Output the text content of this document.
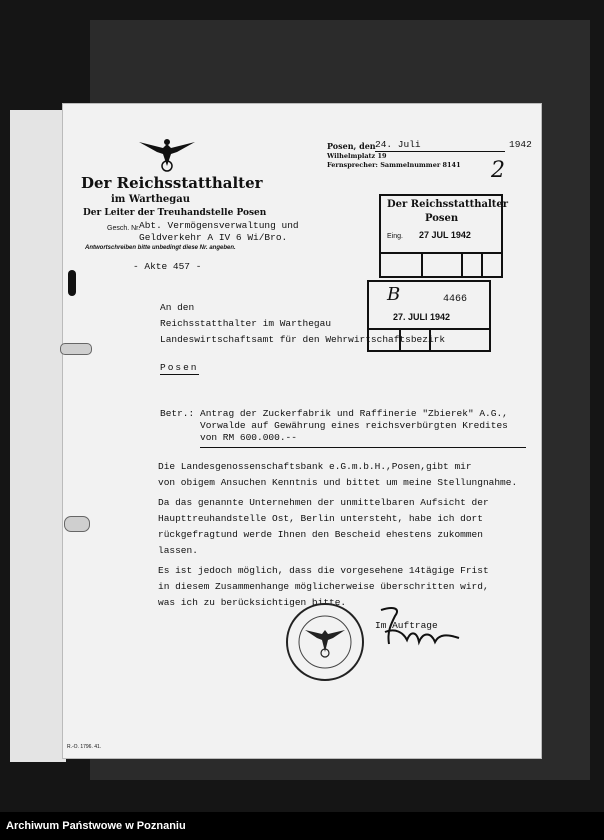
Der Reichsstatthalter
im Warthegau
Der Leiter der Treuhandstelle Posen
Gesch. Nr.
Abt. Vermögensverwaltung und
Geldverkehr A IV 6 Wi/Bro.
Antwortschreiben bitte unbedingt diese Nr. angeben.
- Akte 457 -
Posen, den 24. Juli	1942
Wilhelmplatz 19
Fernsprecher: Sammelnummer 8141 2
Der Reichsstatthalter
Posen
Eing. 27 JUL 1942
B	4466
27. JULI 1942
An den
Reichsstatthalter im Warthegau
Landeswirtschaftsamt für den Wehrwirtschaftsbezirk
Posen
Betr.: Antrag der Zuckerfabrik und Raffinerie "Zbierek" A.G.,
Vorwalde auf Gewährung eines reichsverbürgten Kredites
von RM 600.000.--
Die Landesgenossenschaftsbank e.G.m.b.H.,Posen,gibt mir
von obigem Ansuchen Kenntnis und bittet um meine Stellungnahme.
Da das genannte Unternehmen der unmittelbaren Aufsicht der
Haupttreuhandstelle Ost, Berlin untersteht, habe ich dort
rückgefragtund werde Ihnen den Bescheid ehestens zukommen
lassen.
Es ist jedoch möglich, dass die vorgesehene 14tägige Frist
in diesem Zusammenhange möglicherweise überschritten wird,
was ich zu berücksichtigen bitte.
Im Auftrage
R.-O. 1796. 41.
Archiwum Państwowe w Poznaniu
